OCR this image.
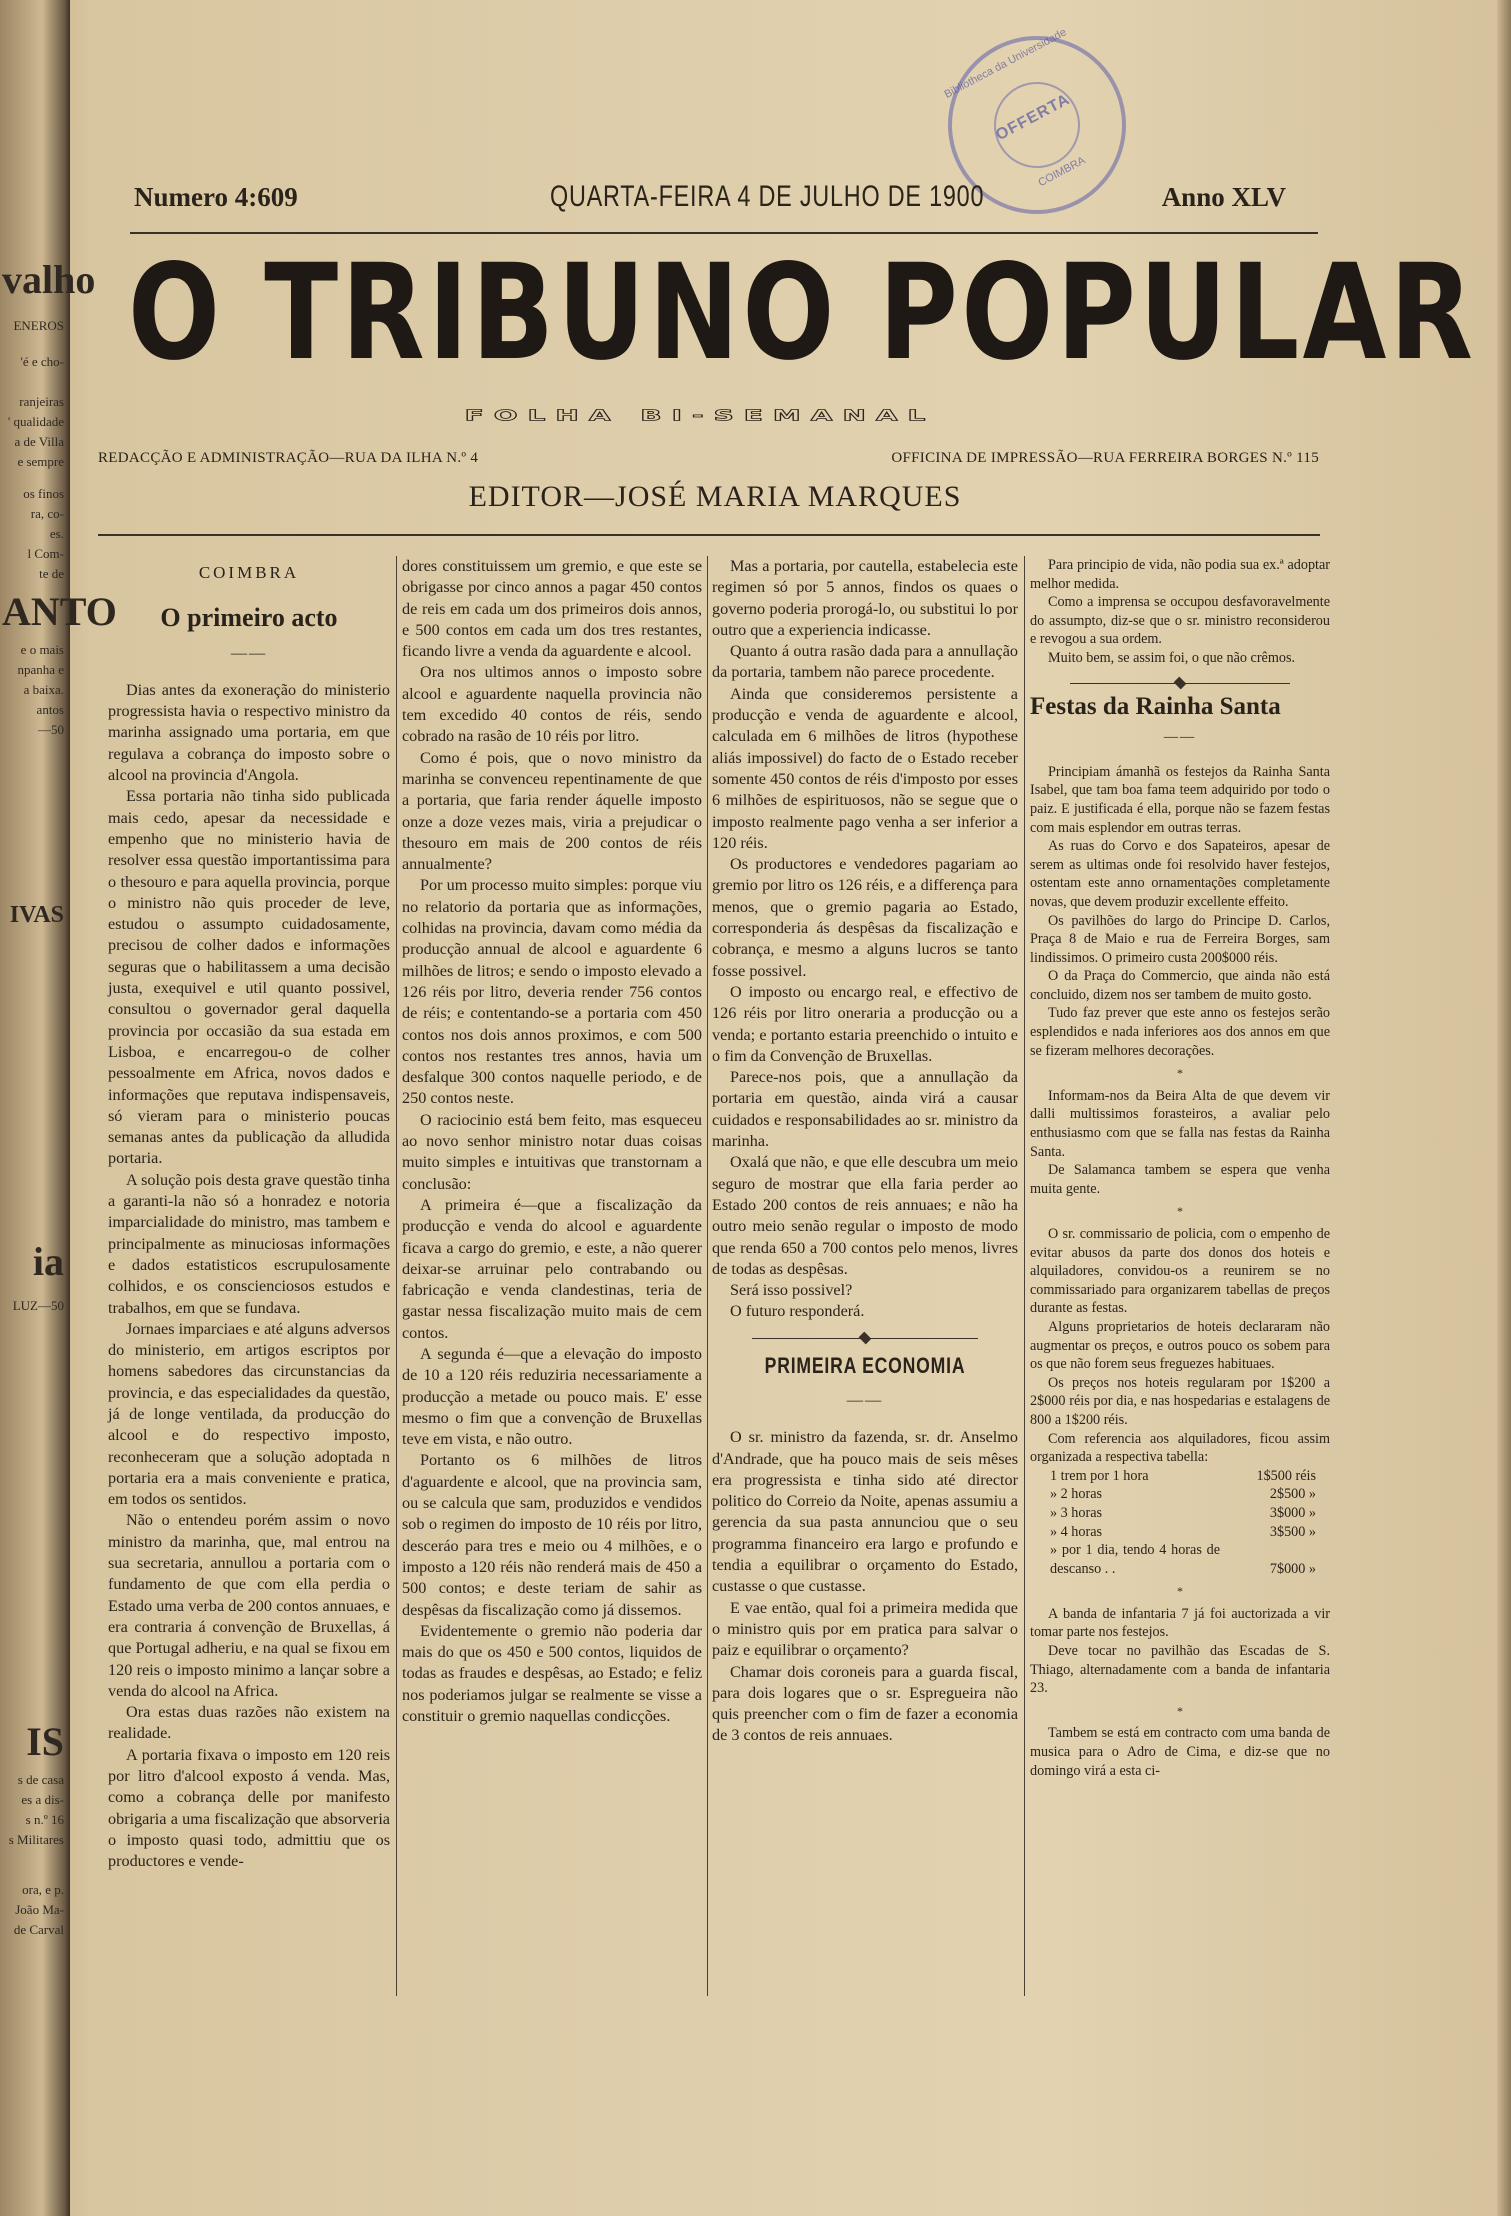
valho
ENEROS
'é e cho-
ranjeiras
' qualidade
a de Villa
e sempre
os finos
ra, co-
es.
l Com-
te de
ANTO
e o mais
npanha e
a baixa.
antos
—50
IVAS
ia
LUZ—50
IS
s de casa
es a dis-
s n.º 16
s Militares
ora, e p.
João Ma-
de Carval
Bibliotheca da Universidade
OFFERTA
COIMBRA
Numero 4:609	QUARTA-FEIRA 4 DE JULHO DE 1900	Anno XLV
O TRIBUNO POPULAR
FOLHA BI-SEMANAL
REDACÇÃO E ADMINISTRAÇÃO—RUA DA ILHA N.º 4	OFFICINA DE IMPRESSÃO—RUA FERREIRA BORGES N.º 115
EDITOR—JOSÉ MARIA MARQUES

COIMBRA

O primeiro acto

——

Dias antes da exoneração do ministerio progressista havia o respectivo ministro da marinha assignado uma portaria, em que regulava a cobrança do imposto sobre o alcool na provincia d'Angola.

Essa portaria não tinha sido publicada mais cedo, apesar da necessidade e empenho que no ministerio havia de resolver essa questão importantissima para o thesouro e para aquella provincia, porque o ministro não quis proceder de leve, estudou o assumpto cuidadosamente, precisou de colher dados e informações seguras que o habilitassem a uma decisão justa, exequivel e util quanto possivel, consultou o governador geral daquella provincia por occasião da sua estada em Lisboa, e encarregou-o de colher pessoalmente em Africa, novos dados e informações que reputava indispensaveis, só vieram para o ministerio poucas semanas antes da publicação da alludida portaria.

A solução pois desta grave questão tinha a garanti-la não só a honradez e notoria imparcialidade do ministro, mas tambem e principalmente as minuciosas informações e dados estatisticos escrupulosamente colhidos, e os conscienciosos estudos e trabalhos, em que se fundava.

Jornaes imparciaes e até alguns adversos do ministerio, em artigos escriptos por homens sabedores das circunstancias da provincia, e das especialidades da questão, já de longe ventilada, da producção do alcool e do respectivo imposto, reconheceram que a solução adoptada n portaria era a mais conveniente e pratica, em todos os sentidos.

Não o entendeu porém assim o novo ministro da marinha, que, mal entrou na sua secretaria, annullou a portaria com o fundamento de que com ella perdia o Estado uma verba de 200 contos annuaes, e era contraria á convenção de Bruxellas, á que Portugal adheriu, e na qual se fixou em 120 reis o imposto minimo a lançar sobre a venda do alcool na Africa.

Ora estas duas razões não existem na realidade.

A portaria fixava o imposto em 120 reis por litro d'alcool exposto á venda. Mas, como a cobrança delle por manifesto obrigaria a uma fiscalização que absorveria o imposto quasi todo, admittiu que os productores e vende-

dores constituissem um gremio, e que este se obrigasse por cinco annos a pagar 450 contos de reis em cada um dos primeiros dois annos, e 500 contos em cada um dos tres restantes, ficando livre a venda da aguardente e alcool.

Ora nos ultimos annos o imposto sobre alcool e aguardente naquella provincia não tem excedido 40 contos de réis, sendo cobrado na rasão de 10 réis por litro.

Como é pois, que o novo ministro da marinha se convenceu repentinamente de que a portaria, que faria render áquelle imposto onze a doze vezes mais, viria a prejudicar o thesouro em mais de 200 contos de réis annualmente?

Por um processo muito simples: porque viu no relatorio da portaria que as informações, colhidas na provincia, davam como média da producção annual de alcool e aguardente 6 milhões de litros; e sendo o imposto elevado a 126 réis por litro, deveria render 756 contos de réis; e contentando-se a portaria com 450 contos nos dois annos proximos, e com 500 contos nos restantes tres annos, havia um desfalque 300 contos naquelle periodo, e de 250 contos neste.

O raciocinio está bem feito, mas esqueceu ao novo senhor ministro notar duas coisas muito simples e intuitivas que transtornam a conclusão:

A primeira é—que a fiscalização da producção e venda do alcool e aguardente ficava a cargo do gremio, e este, a não querer deixar-se arruinar pelo contrabando ou fabricação e venda clandestinas, teria de gastar nessa fiscalização muito mais de cem contos.

A segunda é—que a elevação do imposto de 10 a 120 réis reduziria necessariamente a producção a metade ou pouco mais. E' esse mesmo o fim que a convenção de Bruxellas teve em vista, e não outro.

Portanto os 6 milhões de litros d'aguardente e alcool, que na provincia sam, ou se calcula que sam, produzidos e vendidos sob o regimen do imposto de 10 réis por litro, desceráo para tres e meio ou 4 milhões, e o imposto a 120 réis não renderá mais de 450 a 500 contos; e deste teriam de sahir as despêsas da fiscalização como já dissemos.

Evidentemente o gremio não poderia dar mais do que os 450 e 500 contos, liquidos de todas as fraudes e despêsas, ao Estado; e feliz nos poderiamos julgar se realmente se visse a constituir o gremio naquellas condicções.

Mas a portaria, por cautella, estabelecia este regimen só por 5 annos, findos os quaes o governo poderia prorogá-lo, ou substitui lo por outro que a experiencia indicasse.

Quanto á outra rasão dada para a annullação da portaria, tambem não parece procedente.

Ainda que consideremos persistente a producção e venda de aguardente e alcool, calculada em 6 milhões de litros (hypothese aliás impossivel) do facto de o Estado receber somente 450 contos de réis d'imposto por esses 6 milhões de espirituosos, não se segue que o imposto realmente pago venha a ser inferior a 120 réis.

Os productores e vendedores pagariam ao gremio por litro os 126 réis, e a differença para menos, que o gremio pagaria ao Estado, corresponderia ás despêsas da fiscalização e cobrança, e mesmo a alguns lucros se tanto fosse possivel.

O imposto ou encargo real, e effectivo de 126 réis por litro oneraria a producção ou a venda; e portanto estaria preenchido o intuito e o fim da Convenção de Bruxellas.

Parece-nos pois, que a annullação da portaria em questão, ainda virá a causar cuidados e responsabilidades ao sr. ministro da marinha.

Oxalá que não, e que elle descubra um meio seguro de mostrar que ella faria perder ao Estado 200 contos de reis annuaes; e não ha outro meio senão regular o imposto de modo que renda 650 a 700 contos pelo menos, livres de todas as despêsas.

Será isso possivel?

O futuro responderá.

PRIMEIRA ECONOMIA

——

O sr. ministro da fazenda, sr. dr. Anselmo d'Andrade, que ha pouco mais de seis mêses era progressista e tinha sido até director politico do Correio da Noite, apenas assumiu a gerencia da sua pasta annunciou que o seu programma financeiro era largo e profundo e tendia a equilibrar o orçamento do Estado, custasse o que custasse.

E vae então, qual foi a primeira medida que o ministro quis por em pratica para salvar o paiz e equilibrar o orçamento?

Chamar dois coroneis para a guarda fiscal, para dois logares que o sr. Espregueira não quis preencher com o fim de fazer a economia de 3 contos de reis annuaes.

Para principio de vida, não podia sua ex.ª adoptar melhor medida.

Como a imprensa se occupou desfavoravelmente do assumpto, diz-se que o sr. ministro reconsiderou e revogou a sua ordem.

Muito bem, se assim foi, o que não crêmos.

Festas da Rainha Santa

——

Principiam ámanhã os festejos da Rainha Santa Isabel, que tam boa fama teem adquirido por todo o paiz. E justificada é ella, porque não se fazem festas com mais esplendor em outras terras.

As ruas do Corvo e dos Sapateiros, apesar de serem as ultimas onde foi resolvido haver festejos, ostentam este anno ornamentações completamente novas, que devem produzir excellente effeito.

Os pavilhões do largo do Principe D. Carlos, Praça 8 de Maio e rua de Ferreira Borges, sam lindissimos. O primeiro custa 200$000 réis.

O da Praça do Commercio, que ainda não está concluido, dizem nos ser tambem de muito gosto.

Tudo faz prever que este anno os festejos serão esplendidos e nada inferiores aos dos annos em que se fizeram melhores decorações.

*

Informam-nos da Beira Alta de que devem vir dalli multissimos forasteiros, a avaliar pelo enthusiasmo com que se falla nas festas da Rainha Santa.

De Salamanca tambem se espera que venha muita gente.

*

O sr. commissario de policia, com o empenho de evitar abusos da parte dos donos dos hoteis e alquiladores, convidou-os a reunirem se no commissariado para organizarem tabellas de preços durante as festas.

Alguns proprietarios de hoteis declararam não augmentar os preços, e outros pouco os sobem para os que não forem seus freguezes habituaes.

Os preços nos hoteis regularam por 1$200 a 2$000 réis por dia, e nas hospedarias e estalagens de 800 a 1$200 réis.

Com referencia aos alquiladores, ficou assim organizada a respectiva tabella:

1 trem por 1 hora	1$500 réis
» 2 horas	2$500 »
» 3 horas	3$000 »
» 4 horas	3$500 »
» por 1 dia, tendo 4 horas de descanso . .	7$000 »

*

A banda de infantaria 7 já foi auctorizada a vir tomar parte nos festejos.

Deve tocar no pavilhão das Escadas de S. Thiago, alternadamente com a banda de infantaria 23.

*

Tambem se está em contracto com uma banda de musica para o Adro de Cima, e diz-se que no domingo virá a esta ci-
